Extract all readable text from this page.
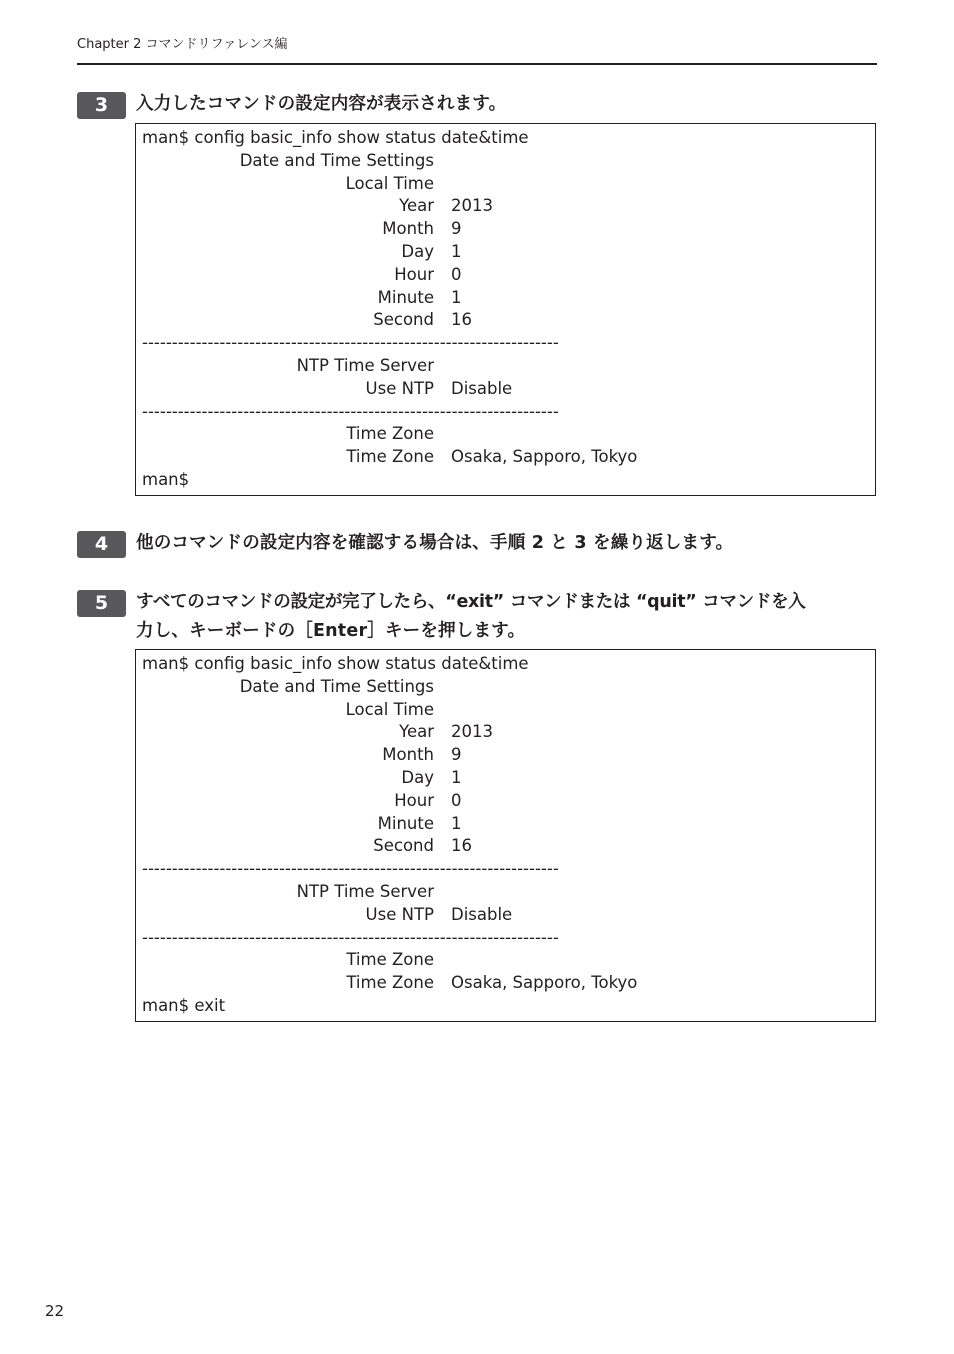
Chapter 2 コマンドリファレンス編
3	入力したコマンドの設定内容が表示されます。
man$ config basic_info show status date&time
Date and Time Settings
Local Time
Year 2013
Month 9
Day 1
Hour 0
Minute 1
Second 16
----------------------------------------------------------------------
NTP Time Server
Use NTP Disable
----------------------------------------------------------------------
Time Zone
Time Zone Osaka, Sapporo, Tokyo
man$
4	他のコマンドの設定内容を確認する場合は、手順 2 と 3 を繰り返します。
5	すべてのコマンドの設定が完了したら、“exit” コマンドまたは “quit” コマンドを入
力し、キーボードの［Enter］キーを押します。
man$ config basic_info show status date&time
Date and Time Settings
Local Time
Year 2013
Month 9
Day 1
Hour 0
Minute 1
Second 16
----------------------------------------------------------------------
NTP Time Server
Use NTP Disable
----------------------------------------------------------------------
Time Zone
Time Zone Osaka, Sapporo, Tokyo
man$ exit
22
